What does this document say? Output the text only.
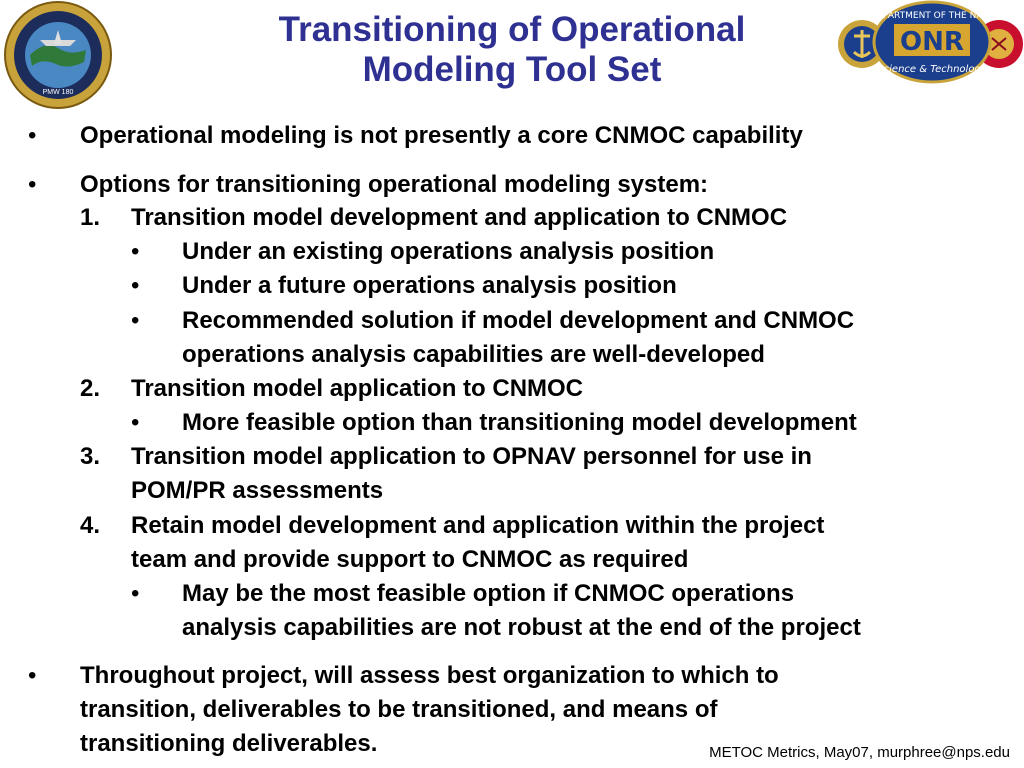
PMW 180
Transitioning of Operational
Modeling Tool Set
DEPARTMENT OF THE NAVY
ONR
Science & Technology
• Operational modeling is not presently a core CNMOC capability
• Options for transitioning operational modeling system:
1. Transition model development and application to CNMOC
• Under an existing operations analysis position
• Under a future operations analysis position
• Recommended solution if model development and CNMOC
operations analysis capabilities are well-developed
2. Transition model application to CNMOC
• More feasible option than transitioning model development
3. Transition model application to OPNAV personnel for use in
POM/PR assessments
4. Retain model development and application within the project
team and provide support to CNMOC as required
• May be the most feasible option if CNMOC operations
analysis capabilities are not robust at the end of the project
• Throughout project, will assess best organization to which to
transition, deliverables to be transitioned, and means of
transitioning deliverables.	METOC Metrics, May07, murphree@nps.edu
